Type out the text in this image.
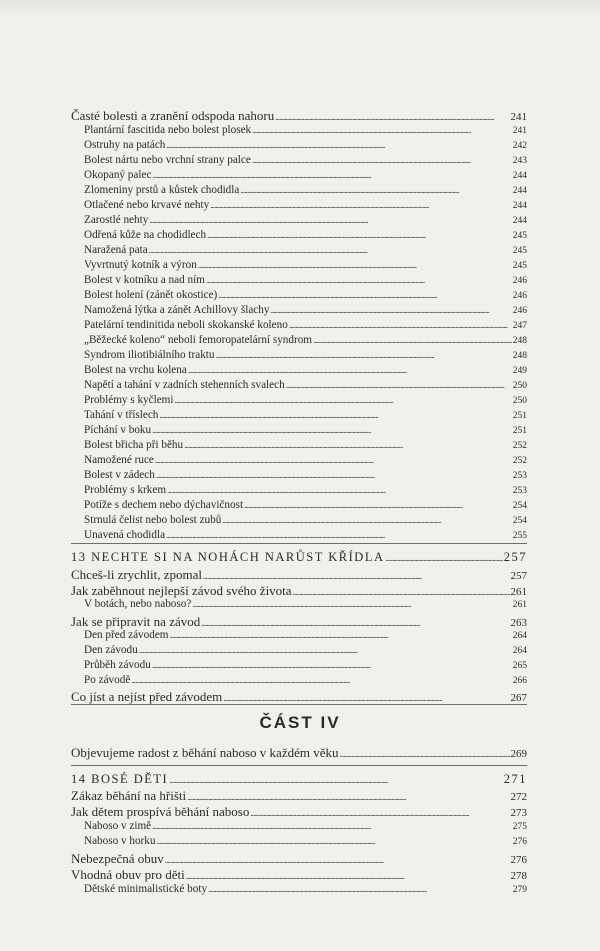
ČÁST IV
Časté bolesti a zranění odspoda nahoru . . .	241
Plantární fascitida nebo bolest plosek . . .	241
Ostruhy na patách . . .	242
Bolest nártu nebo vrchní strany palce . . .	243
Okopaný palec . . .	244
Zlomeniny prstů a kůstek chodidla . . .	244
Otlačené nebo krvavé nehty . . .	244
Zarostlé nehty . . .	244
Odřená kůže na chodidlech . . .	245
Naražená pata . . .	245
Vyvrtnutý kotník a výron . . .	245
Bolest v kotníku a nad ním . . .	246
Bolest holení (zánět okostice) . . .	246
Namožená lýtka a zánět Achillovy šlachy . . .	246
Patelární tendinitida neboli skokanské koleno . . .	247
„Běžecké koleno“ neboli femoropatelární syndrom . . .	248
Syndrom iliotibiálního traktu . . .	248
Bolest na vrchu kolena . . .	249
Napětí a tahání v zadních stehenních svalech . . .	250
Problémy s kyčlemi . . .	250
Tahání v tříslech . . .	251
Píchání v boku . . .	251
Bolest břicha při běhu . . .	252
Namožené ruce . . .	252
Bolest v zádech . . .	253
Problémy s krkem . . .	253
Potíže s dechem nebo dýchavičnost . . .	254
Strnulá čelist nebo bolest zubů . . .	254
Unavená chodidla . . .	255
13 NECHTE SI NA NOHÁCH NARŮST KŘÍDLA . . .	257
Chceš-li zrychlit, zpomal . . .	257
Jak zaběhnout nejlepší závod svého života . . .	261
V botách, nebo naboso? . . .	261
Jak se připravit na závod . . .	263
Den před závodem . . .	264
Den závodu . . .	264
Průběh závodu . . .	265
Po závodě . . .	266
Co jíst a nejíst před závodem . . .	267
Objevujeme radost z běhání naboso v každém věku . . .	269
14 BOSÉ DĚTI . . .	271
Zákaz běhání na hřišti . . .	272
Jak dětem prospívá běhání naboso . . .	273
Naboso v zimě . . .	275
Naboso v horku . . .	276
Nebezpečná obuv . . .	276
Vhodná obuv pro děti . . .	278
Dětské minimalistické boty . . .	279
